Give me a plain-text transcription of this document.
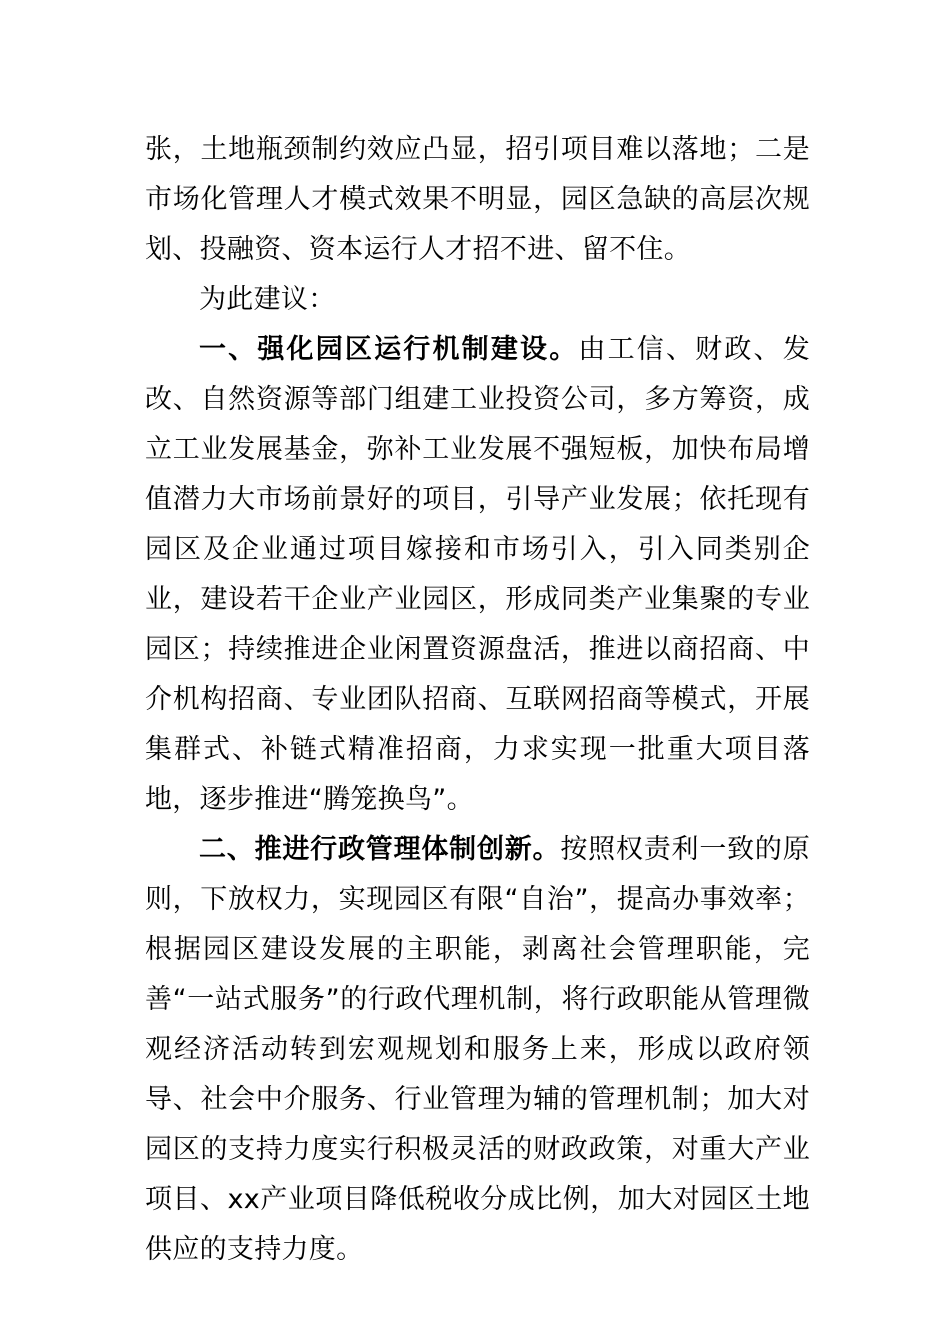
张，土地瓶颈制约效应凸显，招引项目难以落地；二是市场化管理人才模式效果不明显，园区急缺的高层次规划、投融资、资本运行人才招不进、留不住。

为此建议：

一、强化园区运行机制建设。由工信、财政、发改、自然资源等部门组建工业投资公司，多方筹资，成立工业发展基金，弥补工业发展不强短板，加快布局增值潜力大市场前景好的项目，引导产业发展；依托现有园区及企业通过项目嫁接和市场引入，引入同类别企业，建设若干企业产业园区，形成同类产业集聚的专业园区；持续推进企业闲置资源盘活，推进以商招商、中介机构招商、专业团队招商、互联网招商等模式，开展集群式、补链式精准招商，力求实现一批重大项目落地，逐步推进“腾笼换鸟”。

二、推进行政管理体制创新。按照权责利一致的原则，下放权力，实现园区有限“自治”，提高办事效率；根据园区建设发展的主职能，剥离社会管理职能，完善“一站式服务”的行政代理机制，将行政职能从管理微观经济活动转到宏观规划和服务上来，形成以政府领导、社会中介服务、行业管理为辅的管理机制；加大对园区的支持力度实行积极灵活的财政政策，对重大产业项目、xx产业项目降低税收分成比例，加大对园区土地供应的支持力度。
